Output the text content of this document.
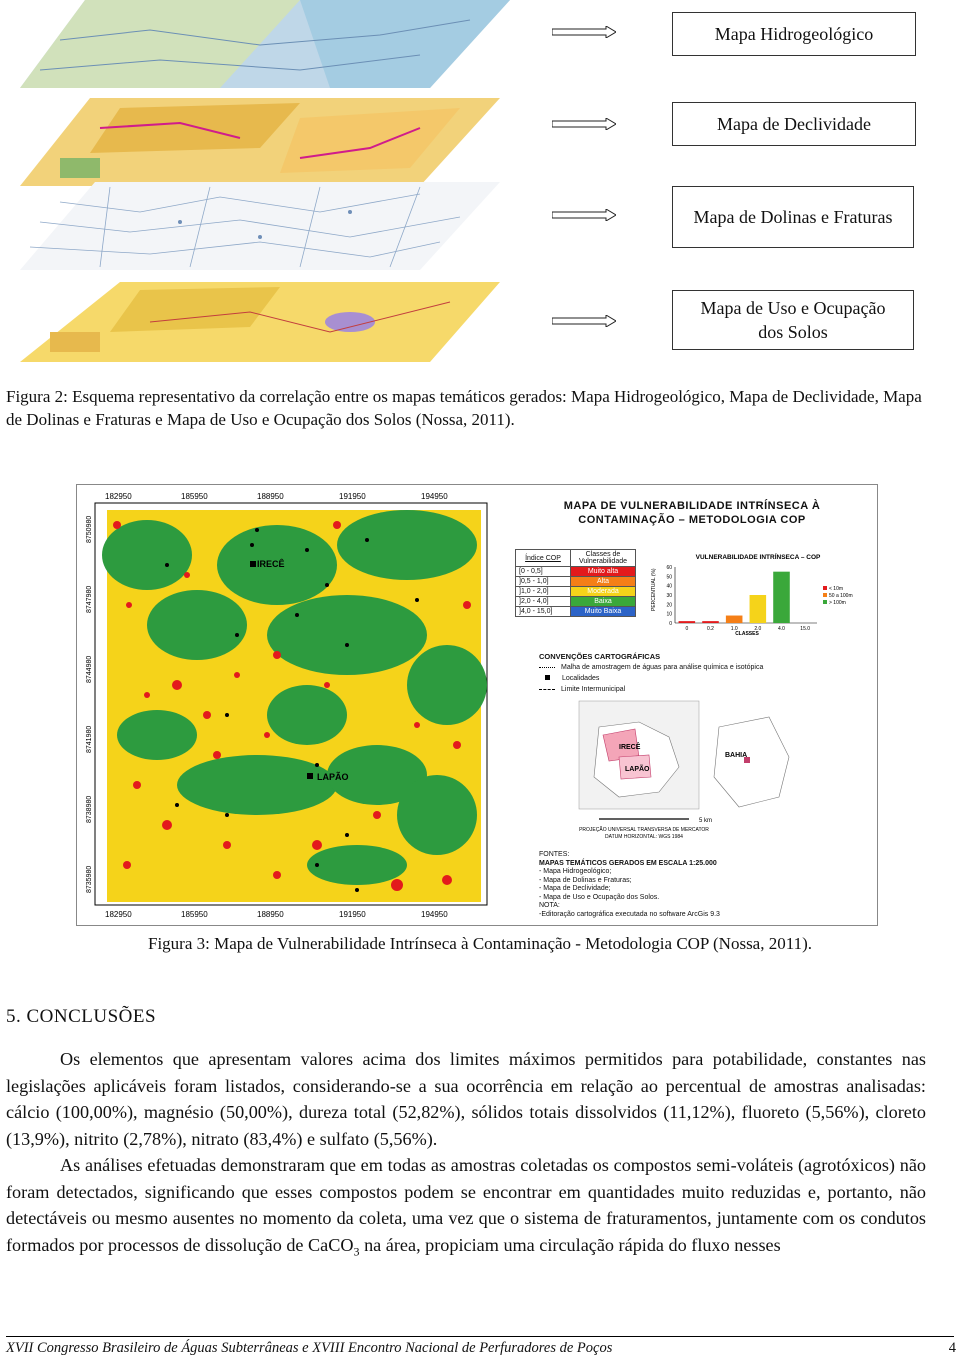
Mapa Hidrogeológico
Mapa de Declividade
Mapa de Dolinas e Fraturas
Mapa de Uso e Ocupação dos Solos
Figura 2: Esquema representativo da correlação entre os mapas temáticos gerados: Mapa Hidrogeológico, Mapa de Declividade, Mapa de Dolinas e Fraturas e Mapa de Uso e Ocupação dos Solos (Nossa, 2011).
IRECÊ
LAPÃO
182950	185950	188950	191950	194950
182950	185950	188950	191950	194950
8750980
8747980
8744980
8741980
8738980
8735980
MAPA DE VULNERABILIDADE INTRÍNSECA À
CONTAMINAÇÃO – METODOLOGIA COP
Índice COP	Classes de Vulnerabilidade
[0 - 0,5]	Muito alta
]0,5 - 1,0]	Alta
]1,0 - 2,0]	Moderada
]2,0 - 4,0]	Baixa
]4,0 - 15,0]	Muito Baixa
VULNERABILIDADE INTRÍNSECA – COP
PERCENTUAL (%)
0
10
20
30
40
50
60
0	0.2	1.0	2.0	4.0	15.0
CLASSES
< 10m
50 a 100m
> 100m
CONVENÇÕES CARTOGRÁFICAS
Malha de amostragem de águas para análise química e isotópica
Localidades
Limite Intermunicipal
IRECÊ
LAPÃO
BAHIA
5 km
PROJEÇÃO UNIVERSAL TRANSVERSA DE MERCATOR
DATUM HORIZONTAL: WGS 1984
FONTES:
MAPAS TEMÁTICOS GERADOS EM ESCALA 1:25.000
- Mapa Hidrogeológico;
- Mapa de Dolinas e Fraturas;
- Mapa de Declividade;
- Mapa de Uso e Ocupação dos Solos.
NOTA:
-Editoração cartográfica executada no software ArcGis 9.3
Figura 3: Mapa de Vulnerabilidade Intrínseca à Contaminação - Metodologia COP (Nossa, 2011).
5. CONCLUSÕES

Os elementos que apresentam valores acima dos limites máximos permitidos para potabilidade, constantes nas legislações aplicáveis foram listados, considerando-se a sua ocorrência em relação ao percentual de amostras analisadas: cálcio (100,00%), magnésio (50,00%), dureza total (52,82%), sólidos totais dissolvidos (11,12%), fluoreto (5,56%), cloreto (13,9%), nitrito (2,78%), nitrato (83,4%) e sulfato (5,56%).

As análises efetuadas demonstraram que em todas as amostras coletadas os compostos semi-voláteis (agrotóxicos) não foram detectados, significando que esses compostos podem se encontrar em quantidades muito reduzidas e, portanto, não detectáveis ou mesmo ausentes no momento da coleta, uma vez que o sistema de fraturamentos, juntamente com os condutos formados por processos de dissolução de CaCO$_3$ na área, propiciam uma circulação rápida do fluxo nesses

XVII Congresso Brasileiro de Águas Subterrâneas e XVIII Encontro Nacional de Perfuradores de Poços	4
